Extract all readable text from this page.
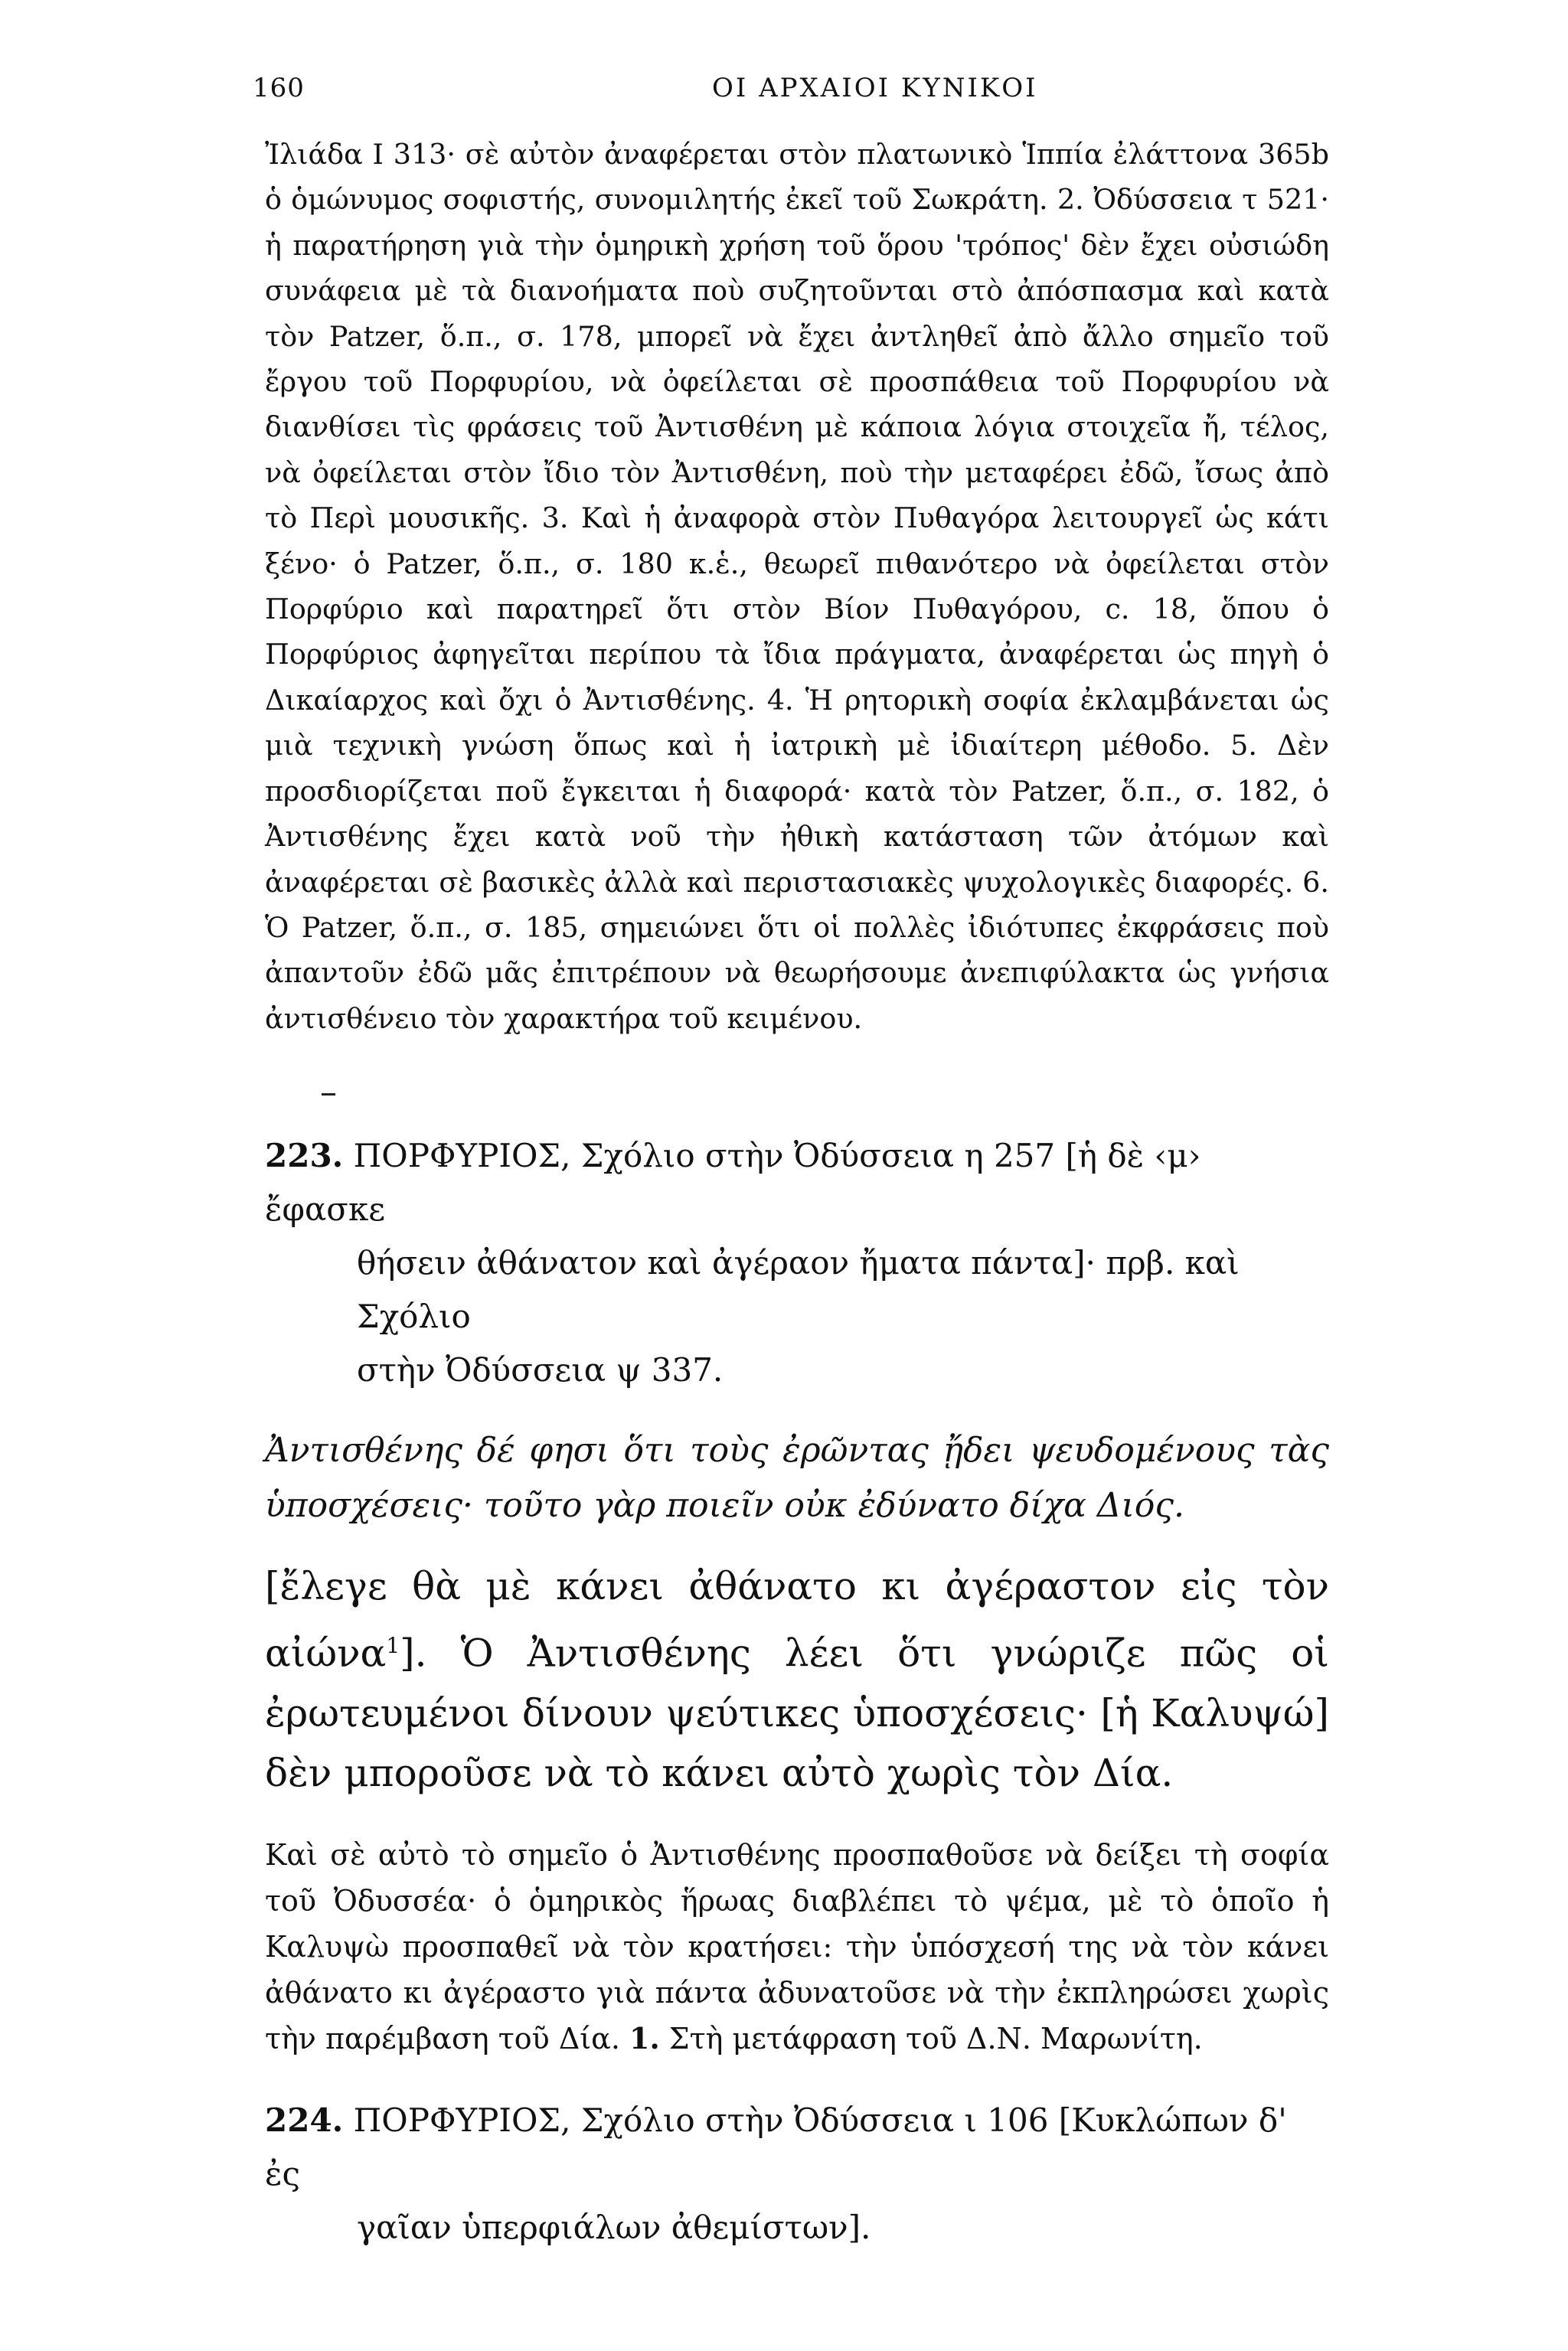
160	ΟΙ ΑΡΧΑΙΟΙ ΚΥΝΙΚΟΙ

Ἰλιάδα Ι 313· σὲ αὐτὸν ἀναφέρεται στὸν πλατωνικὸ Ἱππία ἐλάττονα 365b ὁ ὁμώνυμος σοφιστής, συνομιλητής ἐκεῖ τοῦ Σωκράτη. 2. Ὀδύσσεια τ 521· ἡ παρατήρηση γιὰ τὴν ὁμηρικὴ χρήση τοῦ ὅρου 'τρόπος' δὲν ἔχει οὐσιώδη συνάφεια μὲ τὰ διανοήματα ποὺ συζητοῦνται στὸ ἀπόσπασμα καὶ κατὰ τὸν Patzer, ὅ.π., σ. 178, μπορεῖ νὰ ἔχει ἀντληθεῖ ἀπὸ ἄλλο σημεῖο τοῦ ἔργου τοῦ Πορφυρίου, νὰ ὀφείλεται σὲ προσπάθεια τοῦ Πορφυρίου νὰ διανθίσει τὶς φράσεις τοῦ Ἀντισθένη μὲ κάποια λόγια στοιχεῖα ἤ, τέλος, νὰ ὀφείλεται στὸν ἴδιο τὸν Ἀντισθένη, ποὺ τὴν μεταφέρει ἐδῶ, ἴσως ἀπὸ τὸ Περὶ μουσικῆς. 3. Καὶ ἡ ἀναφορὰ στὸν Πυθαγόρα λειτουργεῖ ὡς κάτι ξένο· ὁ Patzer, ὅ.π., σ. 180 κ.ἑ., θεωρεῖ πιθανότερο νὰ ὀφείλεται στὸν Πορφύριο καὶ παρατηρεῖ ὅτι στὸν Βίον Πυθαγόρου, c. 18, ὅπου ὁ Πορφύριος ἀφηγεῖται περίπου τὰ ἴδια πράγματα, ἀναφέρεται ὡς πηγὴ ὁ Δικαίαρχος καὶ ὄχι ὁ Ἀντισθένης. 4. Ἡ ρητορικὴ σοφία ἐκλαμβάνεται ὡς μιὰ τεχνικὴ γνώση ὅπως καὶ ἡ ἰατρικὴ μὲ ἰδιαίτερη μέθοδο. 5. Δὲν προσδιορίζεται ποῦ ἔγκειται ἡ διαφορά· κατὰ τὸν Patzer, ὅ.π., σ. 182, ὁ Ἀντισθένης ἔχει κατὰ νοῦ τὴν ἠθικὴ κατάσταση τῶν ἀτόμων καὶ ἀναφέρεται σὲ βασικὲς ἀλλὰ καὶ περιστασιακὲς ψυχολογικὲς διαφορές. 6. Ὁ Patzer, ὅ.π., σ. 185, σημειώνει ὅτι οἱ πολλὲς ἰδιότυπες ἐκφράσεις ποὺ ἀπαντοῦν ἐδῶ μᾶς ἐπιτρέπουν νὰ θεωρήσουμε ἀνεπιφύλακτα ὡς γνήσια ἀντισθένειο τὸν χαρακτήρα τοῦ κειμένου.

223. ΠΟΡΦΥΡΙΟΣ, Σχόλιο στὴν Ὀδύσσεια η 257 [ἡ δὲ ‹μ› ἔφασκε

θήσειν ἀθάνατον καὶ ἀγέραον ἤματα πάντα]· πρβ. καὶ Σχόλιο

στὴν Ὀδύσσεια ψ 337.

Ἀντισθένης δέ φησι ὅτι τοὺς ἐρῶντας ᾔδει ψευδομένους τὰς ὑποσχέσεις· τοῦτο γὰρ ποιεῖν οὐκ ἐδύνατο δίχα Διός.

[ἔλεγε θὰ μὲ κάνει ἀθάνατο κι ἀγέραστον εἰς τὸν αἰώνα$^1$]. Ὁ Ἀντισθένης λέει ὅτι γνώριζε πῶς οἱ ἐρωτευμένοι δίνουν ψεύτικες ὑποσχέσεις· [ἡ Καλυψώ] δὲν μποροῦσε νὰ τὸ κάνει αὐτὸ χωρὶς τὸν Δία.

Καὶ σὲ αὐτὸ τὸ σημεῖο ὁ Ἀντισθένης προσπαθοῦσε νὰ δείξει τὴ σοφία τοῦ Ὀδυσσέα· ὁ ὁμηρικὸς ἥρωας διαβλέπει τὸ ψέμα, μὲ τὸ ὁποῖο ἡ Καλυψὼ προσπαθεῖ νὰ τὸν κρατήσει: τὴν ὑπόσχεσή της νὰ τὸν κάνει ἀθάνατο κι ἀγέραστο γιὰ πάντα ἀδυνατοῦσε νὰ τὴν ἐκπληρώσει χωρὶς τὴν παρέμβαση τοῦ Δία. 1. Στὴ μετάφραση τοῦ Δ.Ν. Μαρωνίτη.

224. ΠΟΡΦΥΡΙΟΣ, Σχόλιο στὴν Ὀδύσσεια ι 106 [Κυκλώπων δ' ἐς

γαῖαν ὑπερφιάλων ἀθεμίστων].
